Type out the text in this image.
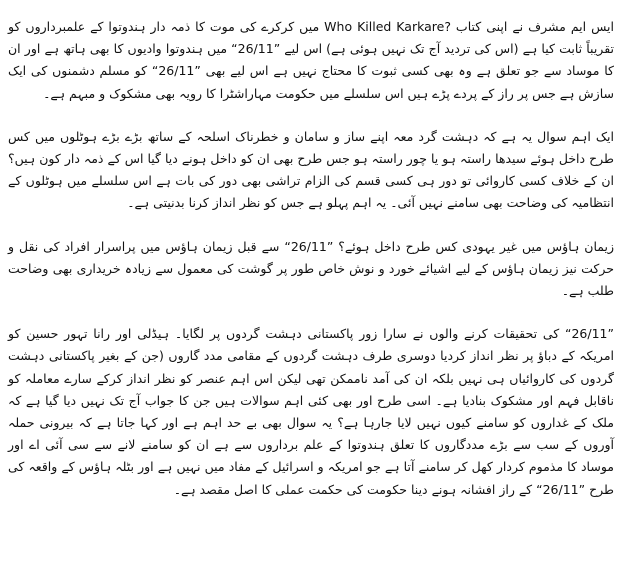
ایس ایم مشرف نے اپنی کتاب ?Who Killed Karkare میں کرکرے کی موت کا ذمہ دار ہندوتوا کے علمبرداروں کو تقریباً ثابت کیا ہے (اس کی تردید آج تک نہیں ہوئی ہے) اس لیے ”26/11“ میں ہندوتوا وادیوں کا بھی ہاتھ ہے اور ان کا موساد سے جو تعلق ہے وہ بھی کسی ثبوت کا محتاج نہیں ہے اس لیے بھی ”26/11“ کو مسلم دشمنوں کی ایک سازش ہے جس پر راز کے پردے پڑے ہیں اس سلسلے میں حکومت مہاراشٹرا کا رویہ بھی مشکوک و مبہم ہے۔

ایک اہم سوال یہ ہے کہ دہشت گرد معہ اپنے ساز و سامان و خطرناک اسلحہ کے ساتھ بڑے بڑے ہوٹلوں میں کس طرح داخل ہوئے سیدھا راستہ ہو یا چور راستہ ہو جس طرح بھی ان کو داخل ہونے دیا گیا اس کے ذمہ دار کون ہیں؟ ان کے خلاف کسی کاروائی تو دور ہی کسی قسم کی الزام تراشی بھی دور کی بات ہے اس سلسلے میں ہوٹلوں کے انتظامیہ کی وضاحت بھی سامنے نہیں آئی۔ یہ اہم پہلو ہے جس کو نظر انداز کرنا بدنیتی ہے۔

زیمان ہاؤس میں غیر یہودی کس طرح داخل ہوئے؟ ”26/11“ سے قبل زیمان ہاؤس میں پراسرار افراد کی نقل و حرکت نیز زیمان ہاؤس کے لیے اشیائے خورد و نوش خاص طور پر گوشت کی معمول سے زیادہ خریداری بھی وضاحت طلب ہے۔

”26/11“ کی تحقیقات کرنے والوں نے سارا زور پاکستانی دہشت گردوں پر لگایا۔ ہیڈلی اور رانا تہور حسین کو امریکہ کے دباؤ پر نظر انداز کردیا دوسری طرف دہشت گردوں کے مقامی مدد گاروں (جن کے بغیر پاکستانی دہشت گردوں کی کاروائیاں ہی نہیں بلکہ ان کی آمد ناممکن تھی لیکن اس اہم عنصر کو نظر انداز کرکے سارے معاملہ کو ناقابل فہم اور مشکوک بنادیا ہے۔ اسی طرح اور بھی کئی اہم سوالات ہیں جن کا جواب آج تک نہیں دیا گیا ہے کہ ملک کے غداروں کو سامنے کیوں نہیں لایا جارہا ہے؟ یہ سوال بھی بے حد اہم ہے اور کہا جاتا ہے کہ بیرونی حملہ آوروں کے سب سے بڑے مددگاروں کا تعلق ہندوتوا کے علم برداروں سے ہے ان کو سامنے لانے سے سی آئی اے اور موساد کا مذموم کردار کھل کر سامنے آتا ہے جو امریکہ و اسرائیل کے مفاد میں نہیں ہے اور بٹلہ ہاؤس کے واقعہ کی طرح ”26/11“ کے راز افشانہ ہونے دینا حکومت کی حکمت عملی کا اصل مقصد ہے۔
